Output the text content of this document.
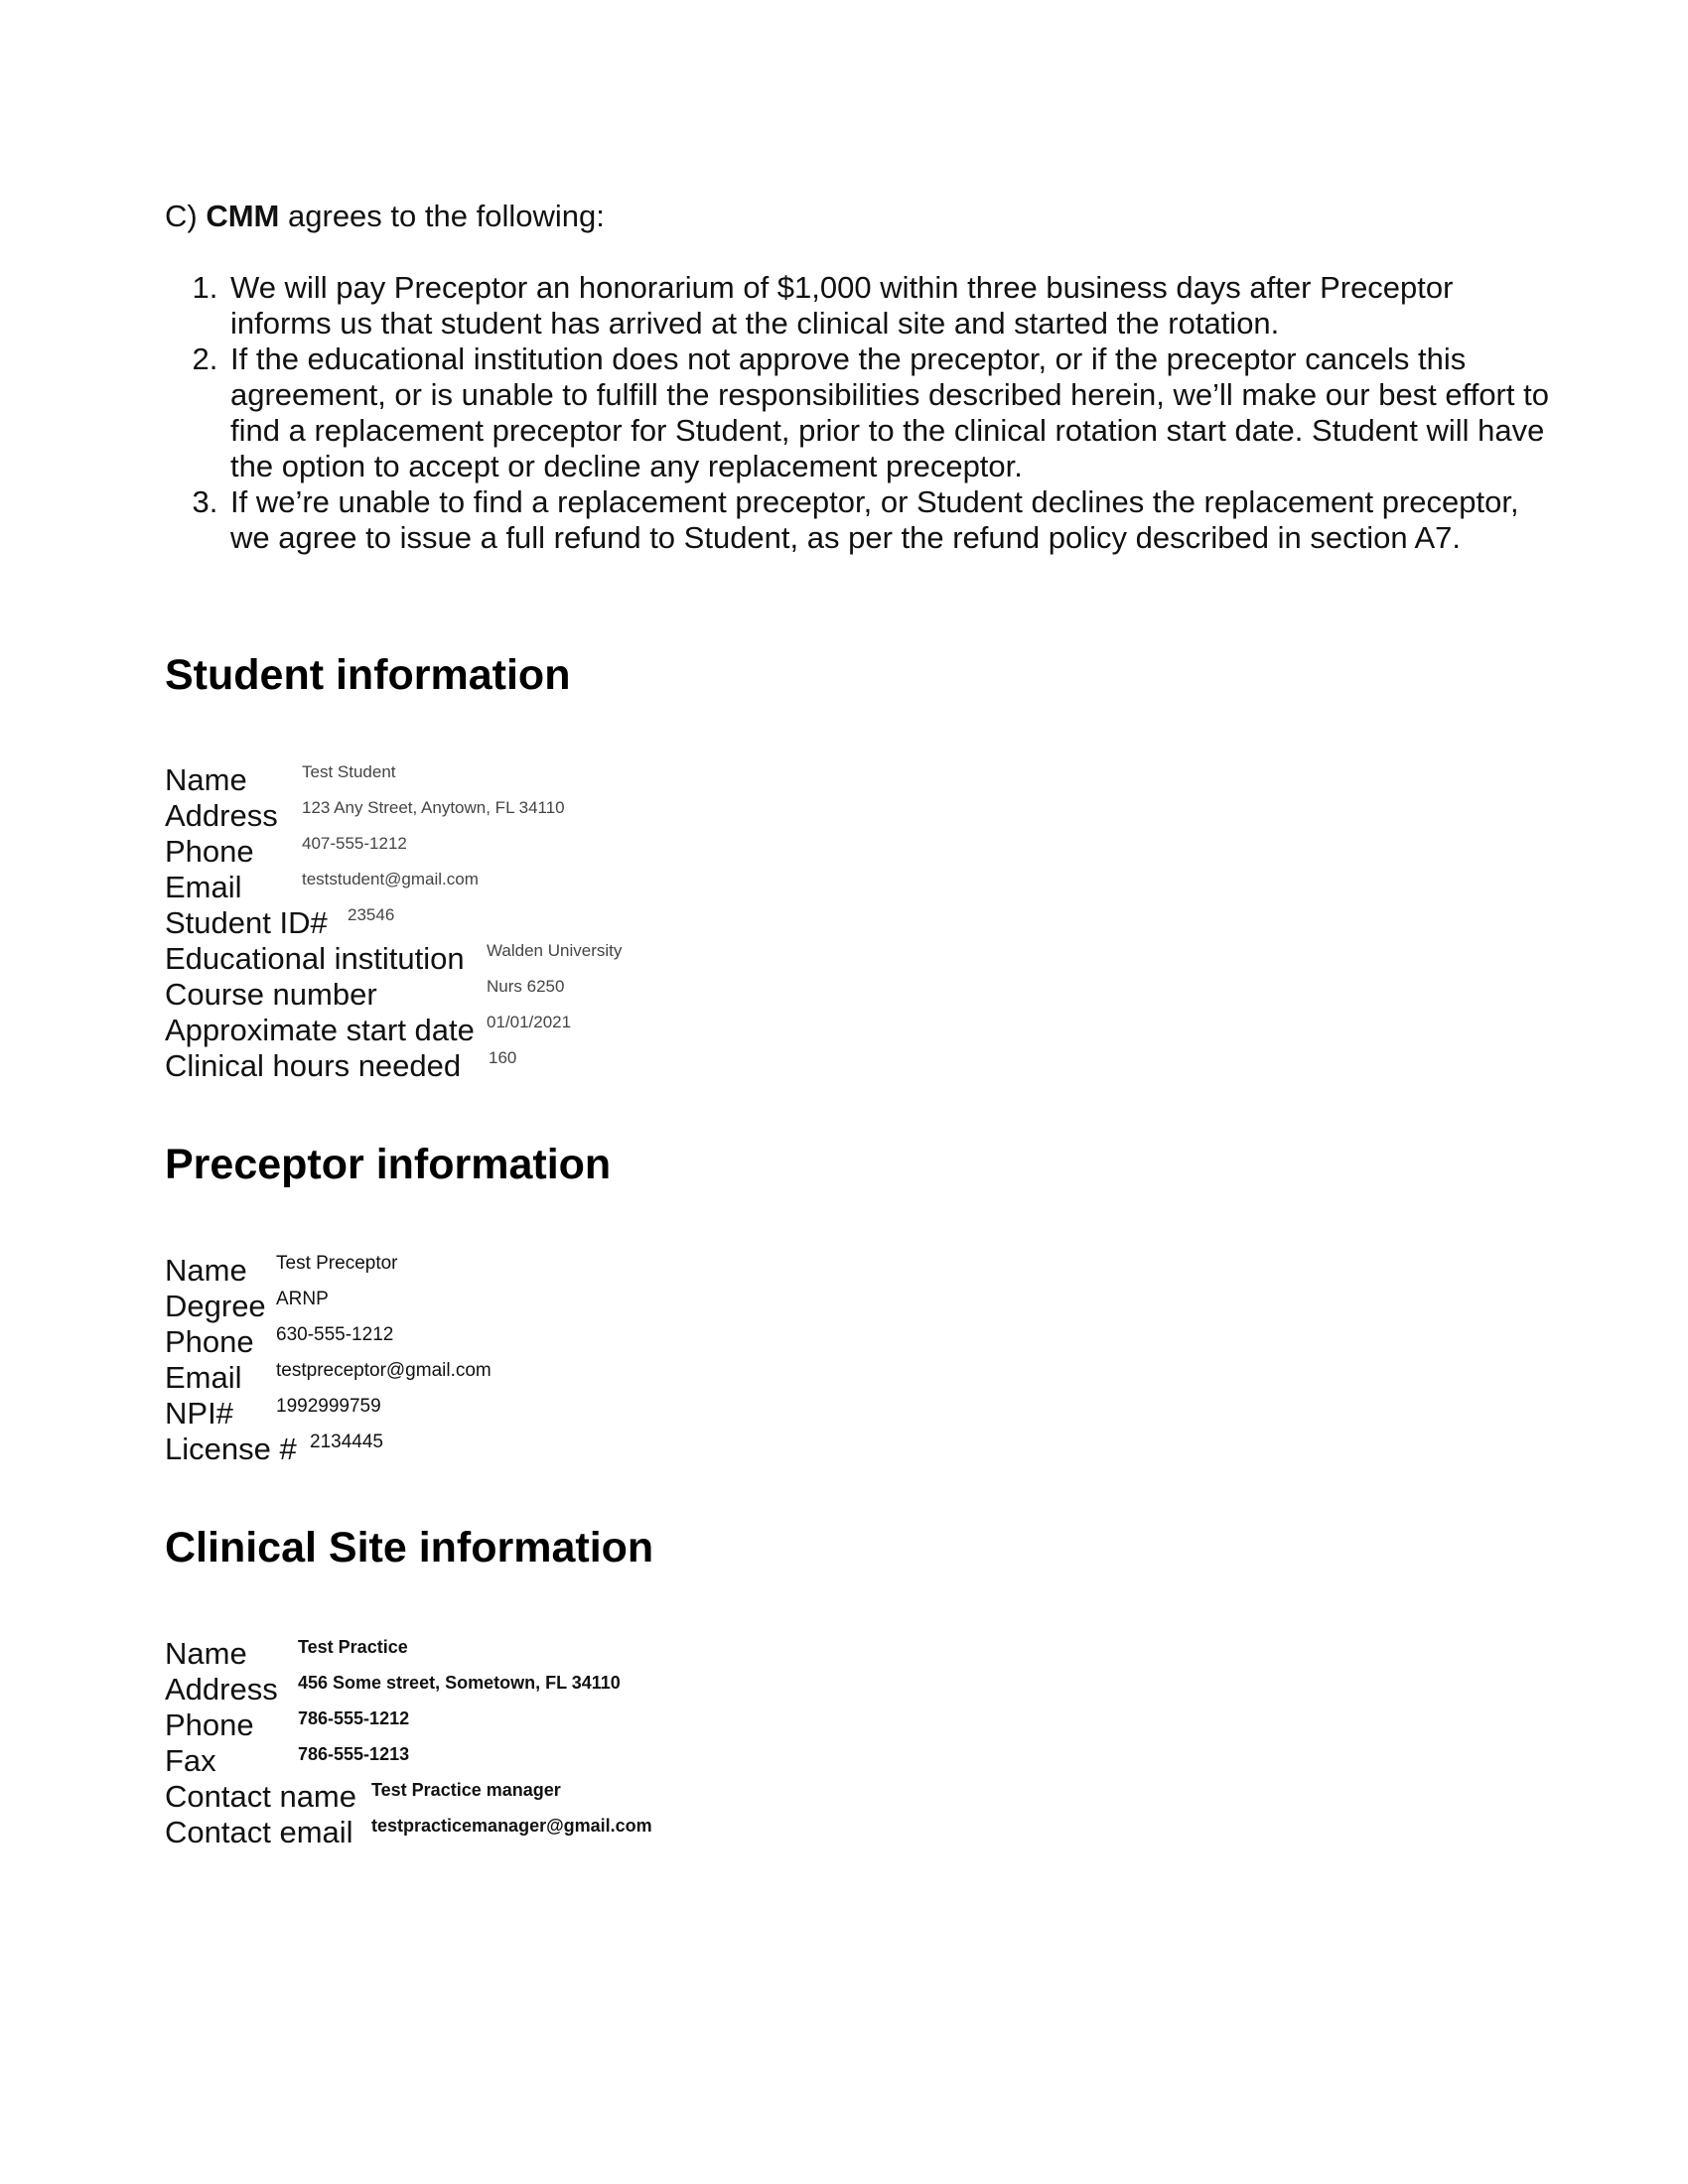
C) CMM agrees to the following:

1. We will pay Preceptor an honorarium of $1,000 within three business days after Preceptor informs us that student has arrived at the clinical site and started the rotation.
2. If the educational institution does not approve the preceptor, or if the preceptor cancels this agreement, or is unable to fulfill the responsibilities described herein, we’ll make our best effort to find a replacement preceptor for Student, prior to the clinical rotation start date. Student will have the option to accept or decline any replacement preceptor.
3. If we’re unable to find a replacement preceptor, or Student declines the replacement preceptor, we agree to issue a full refund to Student, as per the refund policy described in section A7.
Student information
Name	Test Student
Address 123 Any Street, Anytown, FL 34110
Phone	407-555-1212
Email	teststudent@gmail.com
Student ID# 23546
Educational institution Walden University
Course number	Nurs 6250
Approximate start date 01/01/2021
Clinical hours needed 160
Preceptor information
Name Test Preceptor
Degree ARNP
Phone 630-555-1212
Email testpreceptor@gmail.com
NPI# 1992999759
License # 2134445
Clinical Site information
Name	Test Practice
Address 456 Some street, Sometown, FL 34110
Phone 786-555-1212
Fax	786-555-1213
Contact name Test Practice manager
Contact email testpracticemanager@gmail.com
